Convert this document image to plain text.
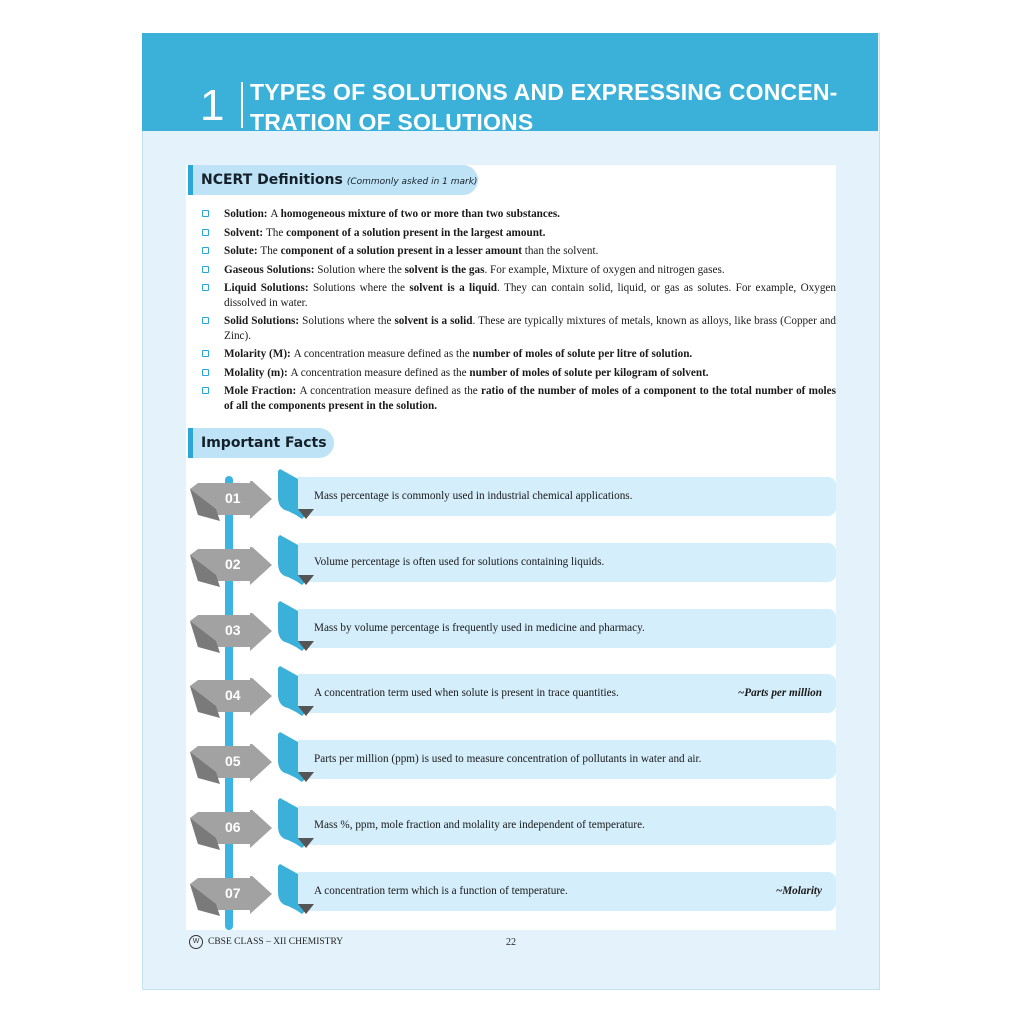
1 TYPES OF SOLUTIONS AND EXPRESSING CONCEN-TRATION OF SOLUTIONS
NCERT Definitions (Commonly asked in 1 mark)
Solution: A homogeneous mixture of two or more than two substances.
Solvent: The component of a solution present in the largest amount.
Solute: The component of a solution present in a lesser amount than the solvent.
Gaseous Solutions: Solution where the solvent is the gas. For example, Mixture of oxygen and nitrogen gases.
Liquid Solutions: Solutions where the solvent is a liquid. They can contain solid, liquid, or gas as solutes. For example, Oxygen dissolved in water.
Solid Solutions: Solutions where the solvent is a solid. These are typically mixtures of metals, known as alloys, like brass (Copper and Zinc).
Molarity (M): A concentration measure defined as the number of moles of solute per litre of solution.
Molality (m): A concentration measure defined as the number of moles of solute per kilogram of solvent.
Mole Fraction: A concentration measure defined as the ratio of the number of moles of a component to the total number of moles of all the components present in the solution.
Important Facts
01	Mass percentage is commonly used in industrial chemical applications.
02	Volume percentage is often used for solutions containing liquids.
03	Mass by volume percentage is frequently used in medicine and pharmacy.
04	A concentration term used when solute is present in trace quantities.	~Parts per million
05	Parts per million (ppm) is used to measure concentration of pollutants in water and air.
06	Mass %, ppm, mole fraction and molality are independent of temperature.
07	A concentration term which is a function of temperature.	~Molarity
W CBSE CLASS – XII CHEMISTRY	22
